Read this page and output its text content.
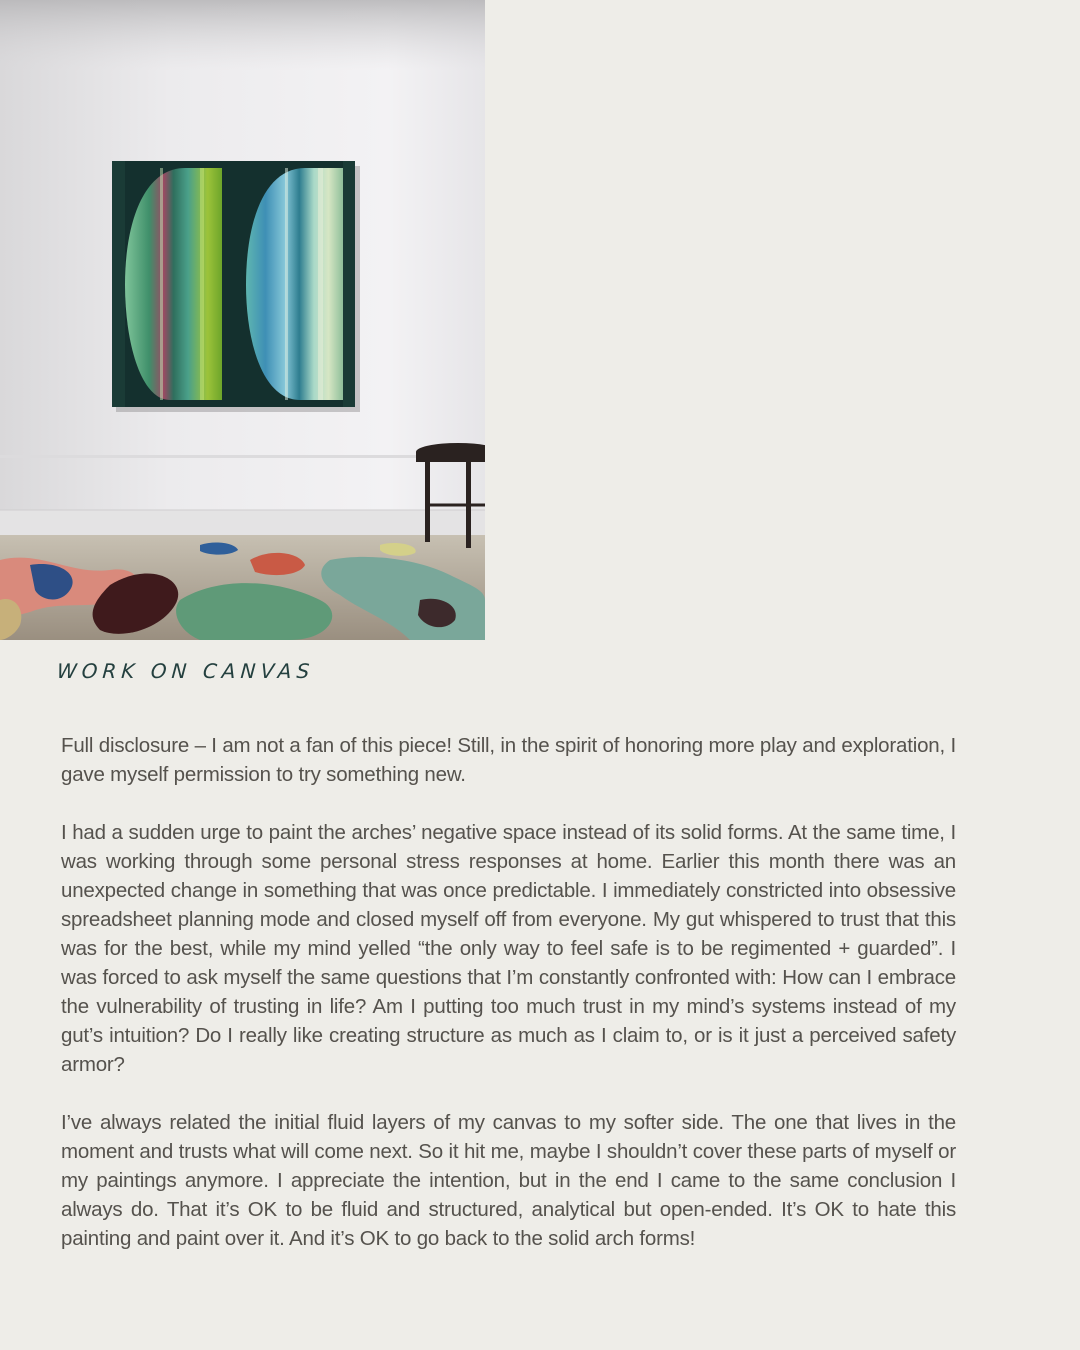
WORK ON CANVAS

Full disclosure – I am not a fan of this piece! Still, in the spirit of honoring more play and exploration, I gave myself permission to try something new.

I had a sudden urge to paint the arches’ negative space instead of its solid forms. At the same time, I was working through some personal stress responses at home. Earlier this month there was an unexpected change in something that was once predictable. I immediately constricted into obsessive spreadsheet planning mode and closed myself off from everyone. My gut whispered to trust that this was for the best, while my mind yelled “the only way to feel safe is to be regimented + guarded”. I was forced to ask myself the same questions that I’m constantly confronted with: How can I embrace the vulnerability of trusting in life? Am I putting too much trust in my mind’s systems instead of my gut’s intuition? Do I really like creating structure as much as I claim to, or is it just a perceived safety armor?

I’ve always related the initial fluid layers of my canvas to my softer side. The one that lives in the moment and trusts what will come next. So it hit me, maybe I shouldn’t cover these parts of myself or my paintings anymore. I appreciate the intention, but in the end I came to the same conclusion I always do. That it’s OK to be fluid and structured, analytical but open-ended. It’s OK to hate this painting and paint over it. And it’s OK to go back to the solid arch forms!
